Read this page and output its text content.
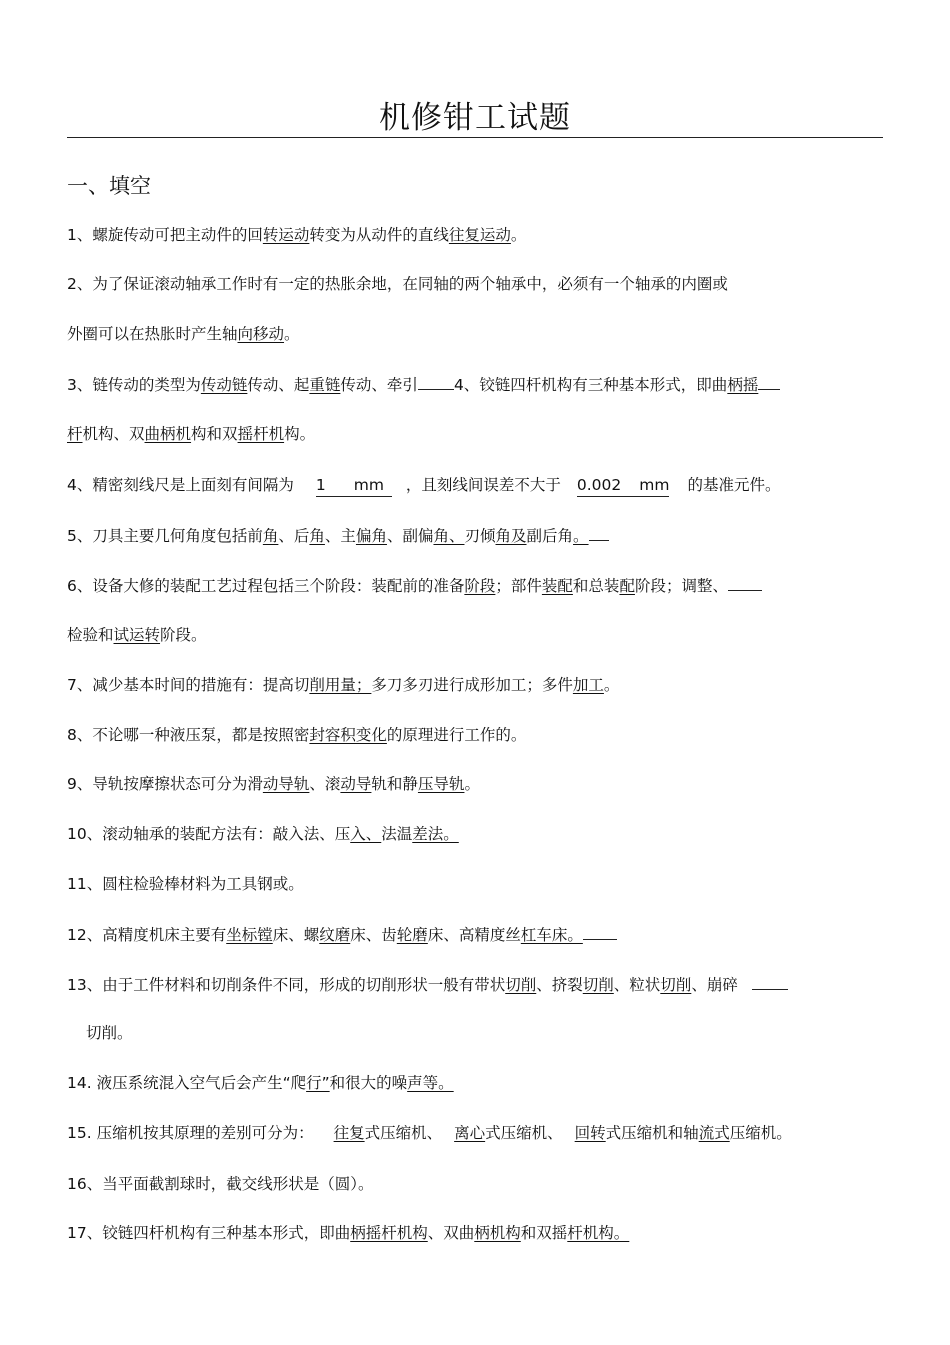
机修钳工试题
一、填空
1、螺旋传动可把主动件的回转运动转变为从动件的直线往复运动。
2、为了保证滚动轴承工作时有一定的热胀余地，在同轴的两个轴承中，必须有一个轴承的内圈或
外圈可以在热胀时产生轴向移动。
3、链传动的类型为传动链传动、起重链传动、牵引 4、铰链四杆机构有三种基本形式，即曲柄摇
杆机构、双曲柄机构和双摇杆机构。
4、精密刻线尺是上面刻有间隔为 1 mm ，且刻线间误差不大于 0.002 mm 的基准元件。
5、刀具主要几何角度包括前角、后角、主偏角、副偏角、刃倾角及副后角。
6、设备大修的装配工艺过程包括三个阶段：装配前的准备阶段；部件装配和总装配阶段；调整、
检验和试运转阶段。
7、减少基本时间的措施有：提高切削用量；多刀多刃进行成形加工；多件加工。
8、不论哪一种液压泵，都是按照密封容积变化的原理进行工作的。
9、导轨按摩擦状态可分为滑动导轨、滚动导轨和静压导轨。
10、滚动轴承的装配方法有：敲入法、压入、法温差法。
11、圆柱检验棒材料为工具钢或。
12、高精度机床主要有坐标镗床、螺纹磨床、齿轮磨床、高精度丝杠车床。
13、由于工件材料和切削条件不同，形成的切削形状一般有带状切削、挤裂切削、粒状切削、崩碎
切削。
14. 液压系统混入空气后会产生“爬行”和很大的噪声等。
15. 压缩机按其原理的差别可分为： 往复式压缩机、 离心式压缩机、 回转式压缩机和轴流式压缩机。
16、当平面截割球时，截交线形状是（圆）。
17、铰链四杆机构有三种基本形式，即曲柄摇杆机构、双曲柄机构和双摇杆机构。
